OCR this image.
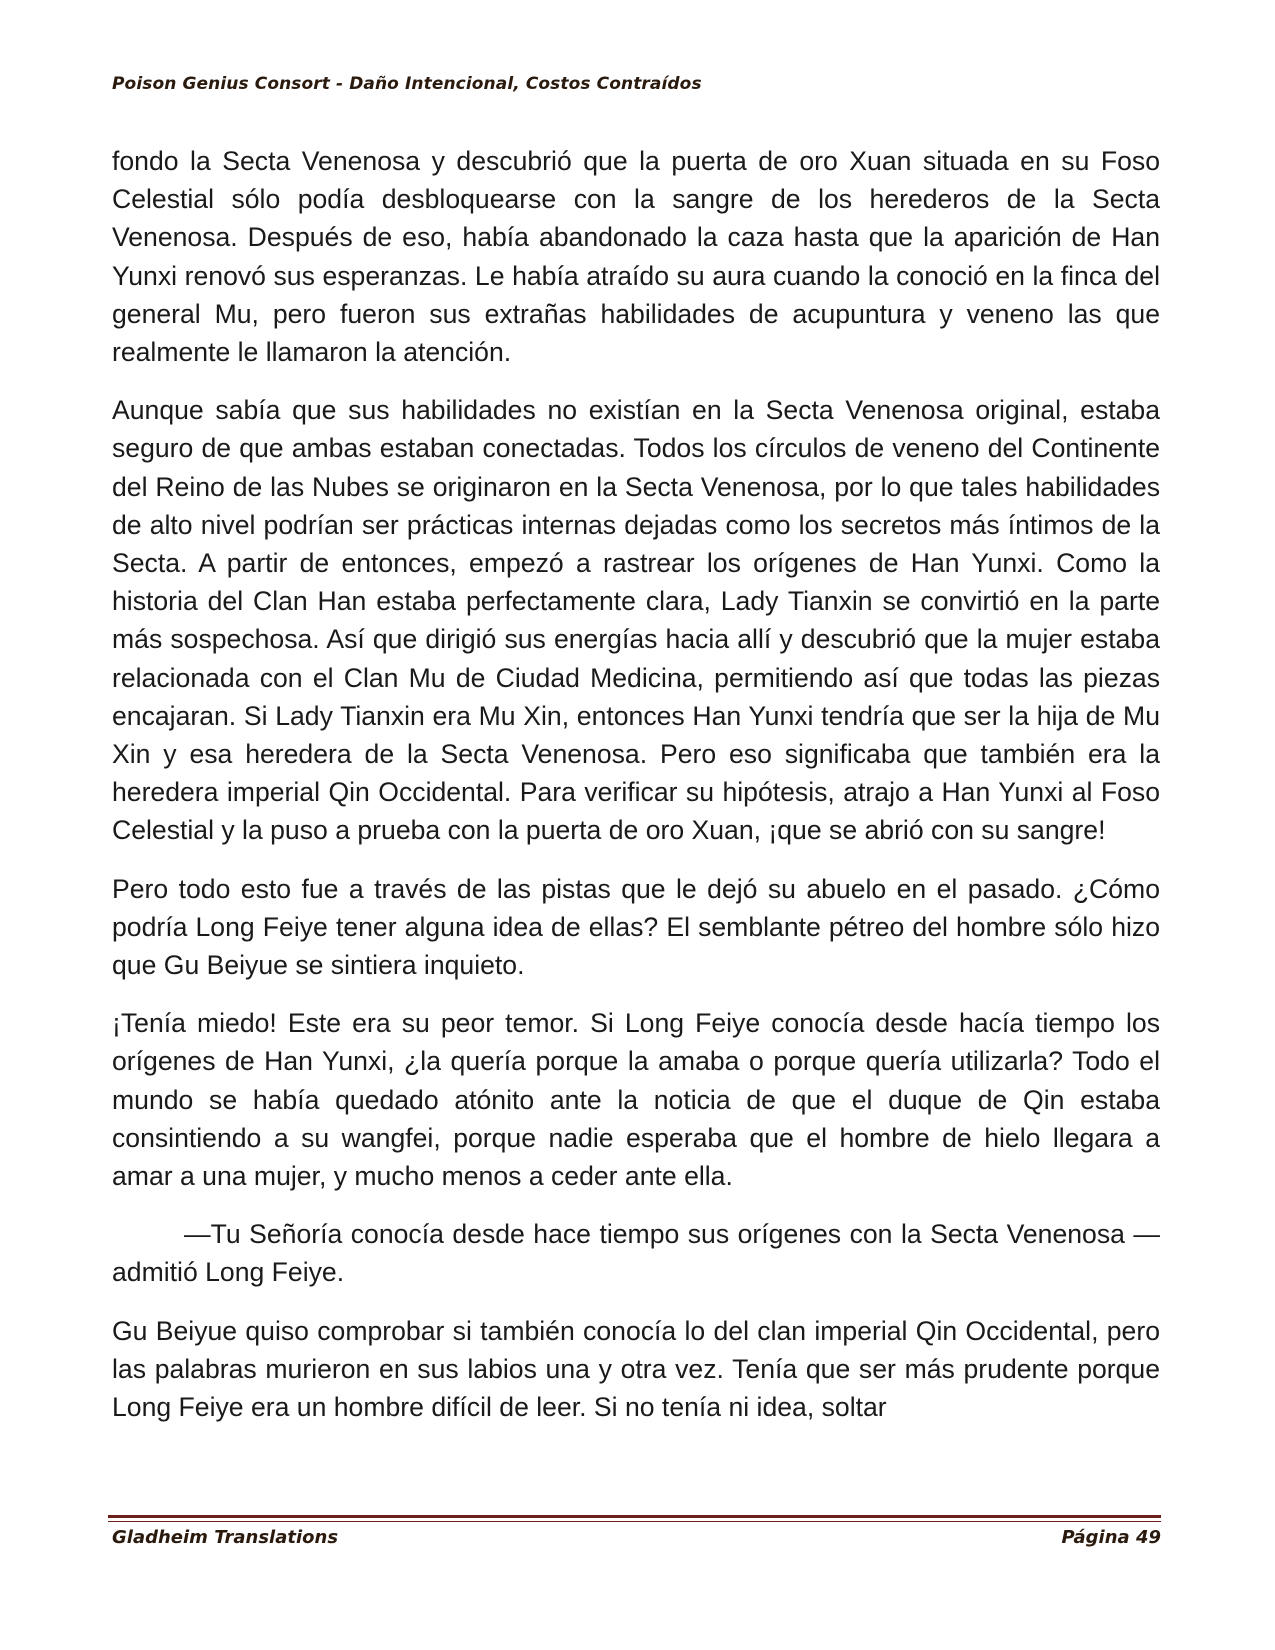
Poison Genius Consort - Daño Intencional, Costos Contraídos

fondo la Secta Venenosa y descubrió que la puerta de oro Xuan situada en su Foso Celestial sólo podía desbloquearse con la sangre de los herederos de la Secta Venenosa. Después de eso, había abandonado la caza hasta que la aparición de Han Yunxi renovó sus esperanzas. Le había atraído su aura cuando la conoció en la finca del general Mu, pero fueron sus extrañas habilidades de acupuntura y veneno las que realmente le llamaron la atención.

Aunque sabía que sus habilidades no existían en la Secta Venenosa original, estaba seguro de que ambas estaban conectadas. Todos los círculos de veneno del Continente del Reino de las Nubes se originaron en la Secta Venenosa, por lo que tales habilidades de alto nivel podrían ser prácticas internas dejadas como los secretos más íntimos de la Secta. A partir de entonces, empezó a rastrear los orígenes de Han Yunxi. Como la historia del Clan Han estaba perfectamente clara, Lady Tianxin se convirtió en la parte más sospechosa. Así que dirigió sus energías hacia allí y descubrió que la mujer estaba relacionada con el Clan Mu de Ciudad Medicina, permitiendo así que todas las piezas encajaran. Si Lady Tianxin era Mu Xin, entonces Han Yunxi tendría que ser la hija de Mu Xin y esa heredera de la Secta Venenosa. Pero eso significaba que también era la heredera imperial Qin Occidental. Para verificar su hipótesis, atrajo a Han Yunxi al Foso Celestial y la puso a prueba con la puerta de oro Xuan, ¡que se abrió con su sangre!

Pero todo esto fue a través de las pistas que le dejó su abuelo en el pasado. ¿Cómo podría Long Feiye tener alguna idea de ellas? El semblante pétreo del hombre sólo hizo que Gu Beiyue se sintiera inquieto.

¡Tenía miedo! Este era su peor temor. Si Long Feiye conocía desde hacía tiempo los orígenes de Han Yunxi, ¿la quería porque la amaba o porque quería utilizarla? Todo el mundo se había quedado atónito ante la noticia de que el duque de Qin estaba consintiendo a su wangfei, porque nadie esperaba que el hombre de hielo llegara a amar a una mujer, y mucho menos a ceder ante ella.

—Tu Señoría conocía desde hace tiempo sus orígenes con la Secta Venenosa —admitió Long Feiye.

Gu Beiyue quiso comprobar si también conocía lo del clan imperial Qin Occidental, pero las palabras murieron en sus labios una y otra vez. Tenía que ser más prudente porque Long Feiye era un hombre difícil de leer. Si no tenía ni idea, soltar

Gladheim Translations	Página 49
